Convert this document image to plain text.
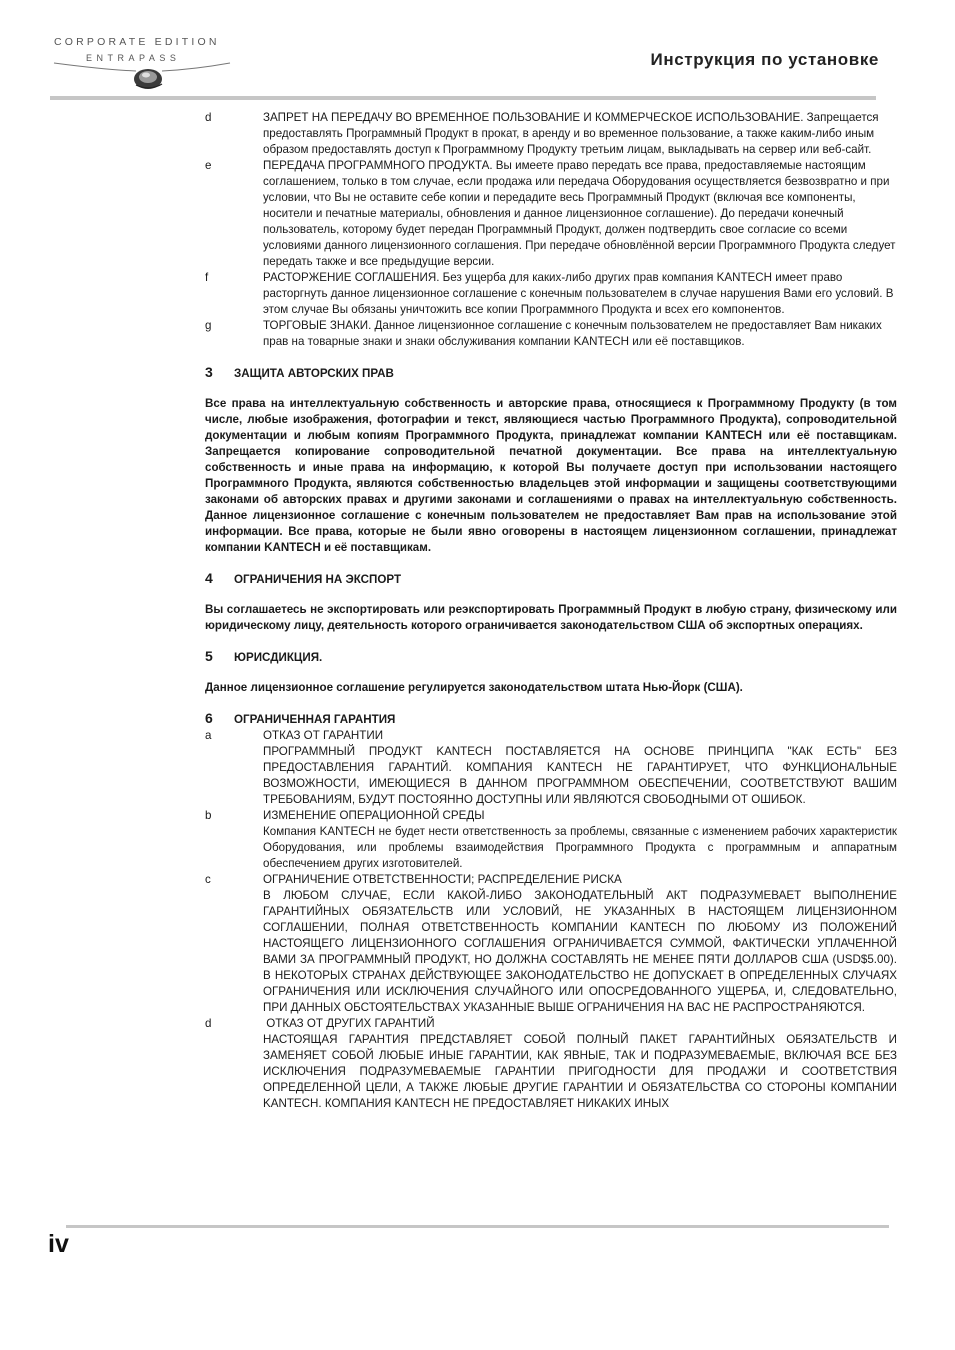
CORPORATE EDITION
ENTRAPASS	Инструкция по установке
d	ЗАПРЕТ НА ПЕРЕДАЧУ ВО ВРЕМЕННОЕ ПОЛЬЗОВАНИЕ И КОММЕРЧЕСКОЕ ИСПОЛЬЗОВАНИЕ. Запрещается предоставлять Программный Продукт в прокат, в аренду и во временное пользование, а также каким-либо иным образом предоставлять доступ к Программному Продукту третьим лицам, выкладывать на сервер или веб-сайт.

e	ПЕРЕДАЧА ПРОГРАММНОГО ПРОДУКТА. Вы имеете право передать все права, предоставляемые настоящим соглашением, только в том случае, если продажа или передача Оборудования осуществляется безвозвратно и при условии, что Вы не оставите себе копии и передадите весь Программный Продукт (включая все компоненты, носители и печатные материалы, обновления и данное лицензионное соглашение). До передачи конечный пользователь, которому будет передан Программный Продукт, должен подтвердить свое согласие со всеми условиями данного лицензионного соглашения. При передаче обновлённой версии Программного Продукта следует передать также и все предыдущие версии.

f	РАСТОРЖЕНИЕ СОГЛАШЕНИЯ. Без ущерба для каких-либо других прав компания KANTECH имеет право расторгнуть данное лицензионное соглашение с конечным пользователем в случае нарушения Вами его условий. В этом случае Вы обязаны уничтожить все копии Программного Продукта и всех его компонентов.

g	ТОРГОВЫЕ ЗНАКИ. Данное лицензионное соглашение с конечным пользователем не предоставляет Вам никаких прав на товарные знаки и знаки обслуживания компании KANTECH или её поставщиков.

3	ЗАЩИТА АВТОРСКИХ ПРАВ

Все права на интеллектуальную собственность и авторские права, относящиеся к Программному Продукту (в том числе, любые изображения, фотографии и текст, являющиеся частью Программного Продукта), сопроводительной документации и любым копиям Программного Продукта, принадлежат компании KANTECH или её поставщикам. Запрещается копирование сопроводительной печатной документации. Все права на интеллектуальную собственность и иные права на информацию, к которой Вы получаете доступ при использовании настоящего Программного Продукта, являются собственностью владельцев этой информации и защищены соответствующими законами об авторских правах и другими законами и соглашениями о правах на интеллектуальную собственность. Данное лицензионное соглашение с конечным пользователем не предоставляет Вам прав на использование этой информации. Все права, которые не были явно оговорены в настоящем лицензионном соглашении, принадлежат компании KANTECH и её поставщикам.

4	ОГРАНИЧЕНИЯ НА ЭКСПОРТ

Вы соглашаетесь не экспортировать или реэкспортировать Программный Продукт в любую страну, физическому или юридическому лицу, деятельность которого ограничивается законодательством США об экспортных операциях.

5	ЮРИСДИКЦИЯ.

Данное лицензионное соглашение регулируется законодательством штата Нью-Йорк (США).

6	ОГРАНИЧЕННАЯ ГАРАНТИЯ
a	ОТКАЗ ОТ ГАРАНТИИ

ПРОГРАММНЫЙ ПРОДУКТ KANTECH ПОСТАВЛЯЕТСЯ НА ОСНОВЕ ПРИНЦИПА "КАК ЕСТЬ" БЕЗ ПРЕДОСТАВЛЕНИЯ ГАРАНТИЙ. КОМПАНИЯ KANTECH НЕ ГАРАНТИРУЕТ, ЧТО ФУНКЦИОНАЛЬНЫЕ ВОЗМОЖНОСТИ, ИМЕЮЩИЕСЯ В ДАННОМ ПРОГРАММНОМ ОБЕСПЕЧЕНИИ, СООТВЕТСТВУЮТ ВАШИМ ТРЕБОВАНИЯМ, БУДУТ ПОСТОЯННО ДОСТУПНЫ ИЛИ ЯВЛЯЮТСЯ СВОБОДНЫМИ ОТ ОШИБОК.

b	ИЗМЕНЕНИЕ ОПЕРАЦИОННОЙ СРЕДЫ

Компания KANTECH не будет нести ответственность за проблемы, связанные с изменением рабочих характеристик Оборудования, или проблемы взаимодействия Программного Продукта с программным и аппаратным обеспечением других изготовителей.

c	ОГРАНИЧЕНИЕ ОТВЕТСТВЕННОСТИ; РАСПРЕДЕЛЕНИЕ РИСКА

В ЛЮБОМ СЛУЧАЕ, ЕСЛИ КАКОЙ-ЛИБО ЗАКОНОДАТЕЛЬНЫЙ АКТ ПОДРАЗУМЕВАЕТ ВЫПОЛНЕНИЕ ГАРАНТИЙНЫХ ОБЯЗАТЕЛЬСТВ ИЛИ УСЛОВИЙ, НЕ УКАЗАННЫХ В НАСТОЯЩЕМ ЛИЦЕНЗИОННОМ СОГЛАШЕНИИ, ПОЛНАЯ ОТВЕТСТВЕННОСТЬ КОМПАНИИ KANTECH ПО ЛЮБОМУ ИЗ ПОЛОЖЕНИЙ НАСТОЯЩЕГО ЛИЦЕНЗИОННОГО СОГЛАШЕНИЯ ОГРАНИЧИВАЕТСЯ СУММОЙ, ФАКТИЧЕСКИ УПЛАЧЕННОЙ ВАМИ ЗА ПРОГРАММНЫЙ ПРОДУКТ, НО ДОЛЖНА СОСТАВЛЯТЬ НЕ МЕНЕЕ ПЯТИ ДОЛЛАРОВ США (USD$5.00). В НЕКОТОРЫХ СТРАНАХ ДЕЙСТВУЮЩЕЕ ЗАКОНОДАТЕЛЬСТВО НЕ ДОПУСКАЕТ В ОПРЕДЕЛЕННЫХ СЛУЧАЯХ ОГРАНИЧЕНИЯ ИЛИ ИСКЛЮЧЕНИЯ СЛУЧАЙНОГО ИЛИ ОПОСРЕДОВАННОГО УЩЕРБА, И, СЛЕДОВАТЕЛЬНО, ПРИ ДАННЫХ ОБСТОЯТЕЛЬСТВАХ УКАЗАННЫЕ ВЫШЕ ОГРАНИЧЕНИЯ НА ВАС НЕ РАСПРОСТРАНЯЮТСЯ.

d	ОТКАЗ ОТ ДРУГИХ ГАРАНТИЙ

НАСТОЯЩАЯ ГАРАНТИЯ ПРЕДСТАВЛЯЕТ СОБОЙ ПОЛНЫЙ ПАКЕТ ГАРАНТИЙНЫХ ОБЯЗАТЕЛЬСТВ И ЗАМЕНЯЕТ СОБОЙ ЛЮБЫЕ ИНЫЕ ГАРАНТИИ, КАК ЯВНЫЕ, ТАК И ПОДРАЗУМЕВАЕМЫЕ, ВКЛЮЧАЯ ВСЕ БЕЗ ИСКЛЮЧЕНИЯ ПОДРАЗУМЕВАЕМЫЕ ГАРАНТИИ ПРИГОДНОСТИ ДЛЯ ПРОДАЖИ И СООТВЕТСТВИЯ ОПРЕДЕЛЕННОЙ ЦЕЛИ, А ТАКЖЕ ЛЮБЫЕ ДРУГИЕ ГАРАНТИИ И ОБЯЗАТЕЛЬСТВА СО СТОРОНЫ КОМПАНИИ KANTECH. КОМПАНИЯ KANTECH НЕ ПРЕДОСТАВЛЯЕТ НИКАКИХ ИНЫХ

iv
